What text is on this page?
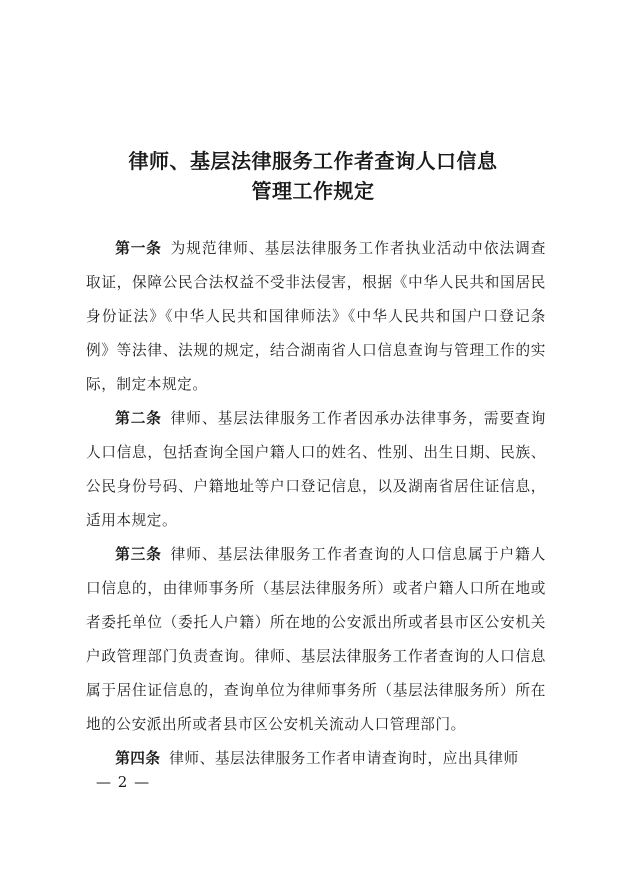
律师、基层法律服务工作者查询人口信息
管理工作规定

第一条 为规范律师、基层法律服务工作者执业活动中依法调查取证，保障公民合法权益不受非法侵害，根据《中华人民共和国居民身份证法》《中华人民共和国律师法》《中华人民共和国户口登记条例》等法律、法规的规定，结合湖南省人口信息查询与管理工作的实际，制定本规定。

第二条 律师、基层法律服务工作者因承办法律事务，需要查询人口信息，包括查询全国户籍人口的姓名、性别、出生日期、民族、公民身份号码、户籍地址等户口登记信息，以及湖南省居住证信息，适用本规定。

第三条 律师、基层法律服务工作者查询的人口信息属于户籍人口信息的，由律师事务所（基层法律服务所）或者户籍人口所在地或者委托单位（委托人户籍）所在地的公安派出所或者县市区公安机关户政管理部门负责查询。律师、基层法律服务工作者查询的人口信息属于居住证信息的，查询单位为律师事务所（基层法律服务所）所在地的公安派出所或者县市区公安机关流动人口管理部门。

第四条 律师、基层法律服务工作者申请查询时，应出具律师

— 2 —
